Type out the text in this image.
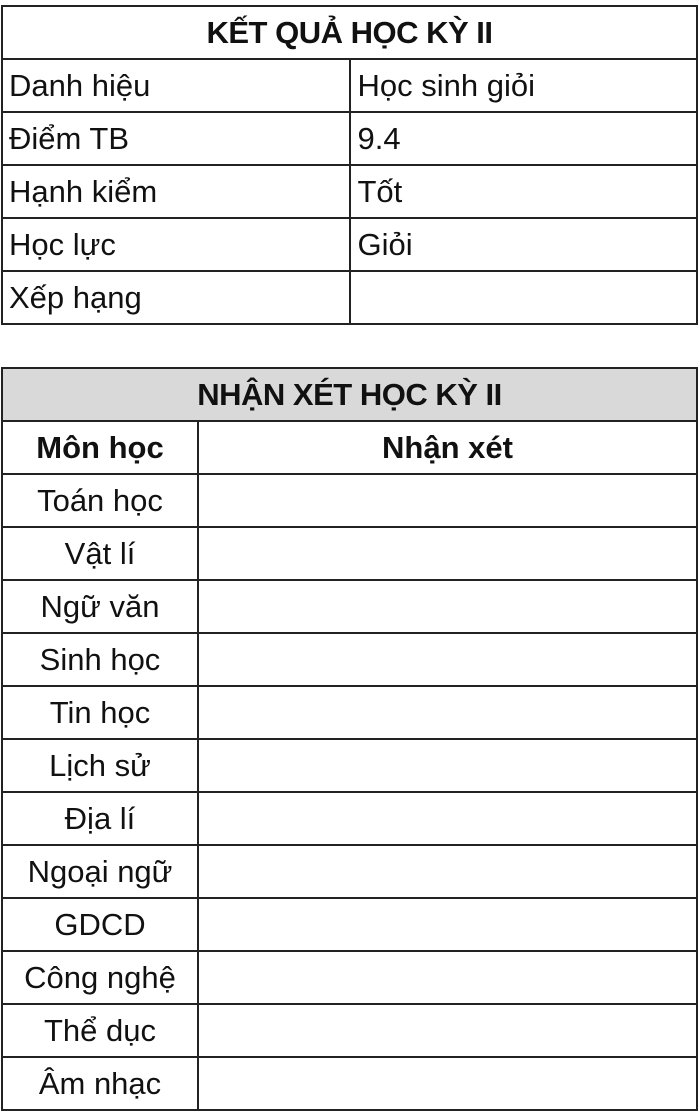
KẾT QUẢ HỌC KỲ II	
Danh hiệu	Học sinh giỏi
Điểm TB	9.4
Hạnh kiểm	Tốt
Học lực	Giỏi
Xếp hạng	
NHẬN XÉT HỌC KỲ II	
Môn học	Nhận xét
Toán học	
Vật lí	
Ngữ văn	
Sinh học	
Tin học	
Lịch sử	
Địa lí	
Ngoại ngữ	
GDCD	
Công nghệ	
Thể dục	
Âm nhạc	
